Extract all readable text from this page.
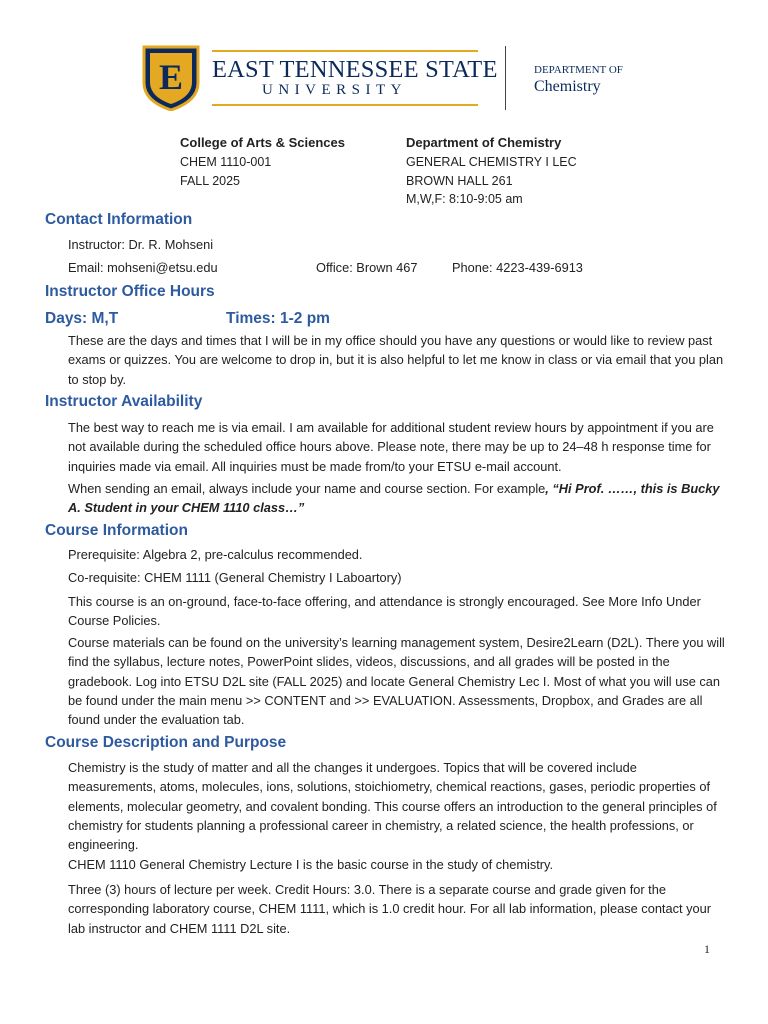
E EAST TENNESSEE STATE
UNIVERSITY
DEPARTMENT OF
Chemistry
College of Arts & Sciences
CHEM 1110-001
FALL 2025
Department of Chemistry
GENERAL CHEMISTRY I LEC
BROWN HALL 261
M,W,F: 8:10-9:05 am
Contact Information
Instructor: Dr. R. Mohseni
Email: mohseni@etsu.edu	Office: Brown 467	Phone: 4223-439-6913
Instructor Office Hours
Days: M,T	Times: 1-2 pm
These are the days and times that I will be in my office should you have any questions or would like to review past exams or quizzes. You are welcome to drop in, but it is also helpful to let me know in class or via email that you plan to stop by.
Instructor Availability
The best way to reach me is via email. I am available for additional student review hours by appointment if you are not available during the scheduled office hours above. Please note, there may be up to 24–48 h response time for inquiries made via email. All inquiries must be made from/to your ETSU e-mail account.
When sending an email, always include your name and course section. For example, “Hi Prof. ……, this is Bucky A. Student in your CHEM 1110 class…”
Course Information
Prerequisite: Algebra 2, pre-calculus recommended.
Co-requisite: CHEM 1111 (General Chemistry I Laboartory)
This course is an on-ground, face-to-face offering, and attendance is strongly encouraged. See More Info Under Course Policies.
Course materials can be found on the university’s learning management system, Desire2Learn (D2L). There you will find the syllabus, lecture notes, PowerPoint slides, videos, discussions, and all grades will be posted in the gradebook. Log into ETSU D2L site (FALL 2025) and locate General Chemistry Lec I. Most of what you will use can be found under the main menu >> CONTENT and >> EVALUATION. Assessments, Dropbox, and Grades are all found under the evaluation tab.
Course Description and Purpose
Chemistry is the study of matter and all the changes it undergoes. Topics that will be covered include measurements, atoms, molecules, ions, solutions, stoichiometry, chemical reactions, gases, periodic properties of elements, molecular geometry, and covalent bonding. This course offers an introduction to the general principles of chemistry for students planning a professional career in chemistry, a related science, the health professions, or engineering.
CHEM 1110 General Chemistry Lecture I is the basic course in the study of chemistry.
Three (3) hours of lecture per week. Credit Hours: 3.0. There is a separate course and grade given for the corresponding laboratory course, CHEM 1111, which is 1.0 credit hour. For all lab information, please contact your lab instructor and CHEM 1111 D2L site.
1
